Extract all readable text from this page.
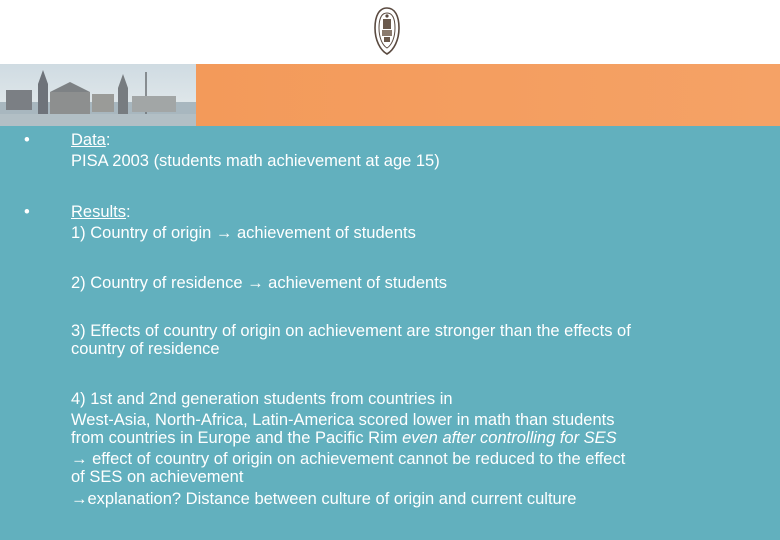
• Data:
PISA 2003 (students math achievement at age 15)
• Results:
1) Country of origin → achievement of students
2) Country of residence → achievement of students
3) Effects of country of origin on achievement are stronger than the effects of
country of residence
4) 1st and 2nd generation students from countries in
West-Asia, North-Africa, Latin-America scored lower in math than students
from countries in Europe and the Pacific Rim even after controlling for SES
→ effect of country of origin on achievement cannot be reduced to the effect
of SES on achievement
→explanation? Distance between culture of origin and current culture
